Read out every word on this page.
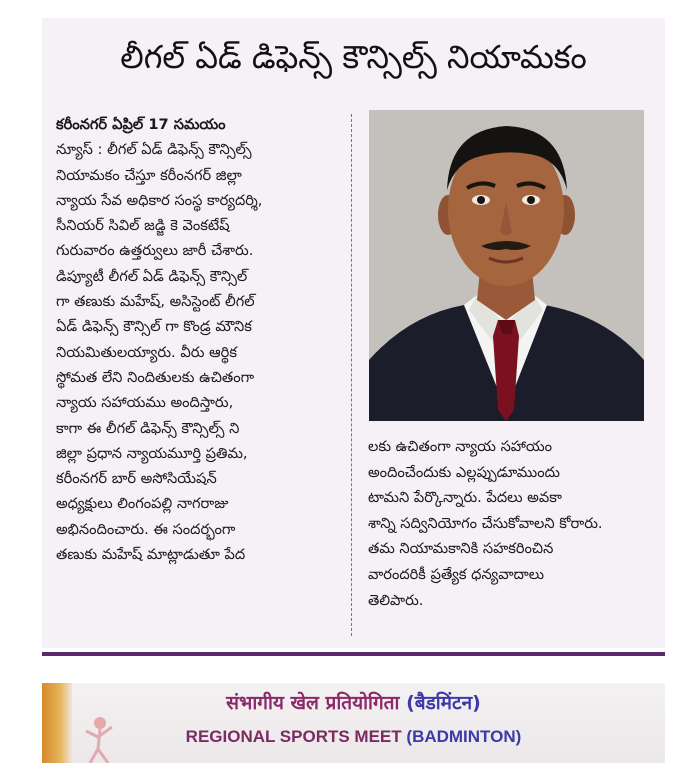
లీగల్ ఏడ్ డిఫెన్స్ కౌన్సిల్స్ నియామకం
కరీంనగర్ ఏప్రిల్ 17 సమయం
న్యూస్ : లీగల్ ఏడ్ డిఫెన్స్ కౌన్సిల్స్
నియామకం చేస్తూ కరీంనగర్ జిల్లా
న్యాయ సేవ అధికార సంస్థ కార్యదర్శి,
సీనియర్ సివిల్ జడ్జి కె వెంకటేష్
గురువారం ఉత్తర్వులు జారీ చేశారు.
డిప్యూటీ లీగల్ ఏడ్ డిఫెన్స్ కౌన్సిల్
గా తణుకు మహేష్, అసిస్టెంట్ లీగల్
ఏడ్ డిఫెన్స్ కౌన్సిల్ గా కొండ్ర మౌనిక
నియమితులయ్యారు. వీరు ఆర్థిక
స్థోమత లేని నిందితులకు ఉచితంగా
న్యాయ సహాయము అందిస్తారు,
కాగా ఈ లీగల్ డిఫెన్స్ కౌన్సిల్స్ ని
జిల్లా ప్రధాన న్యాయమూర్తి ప్రతిమ,
కరీంనగర్ బార్ అసోసియేషన్
అధ్యక్షులు లింగంపల్లి నాగరాజు
అభినందించారు. ఈ సందర్భంగా
తణుకు మహేష్ మాట్లాడుతూ పేద
లకు ఉచితంగా న్యాయ సహాయం
అందించేందుకు ఎల్లప్పుడూముందు
టామని పేర్కొన్నారు. పేదలు అవకా
శాన్ని సద్వినియోగం చేసుకోవాలని కోరారు.
తమ నియామకానికి సహకరించిన
వారందరికీ ప్రత్యేక ధన్యవాదాలు
తెలిపారు.
संभागीय खेल प्रतियोगिता (बैडमिंटन)
REGIONAL SPORTS MEET (BADMINTON)
